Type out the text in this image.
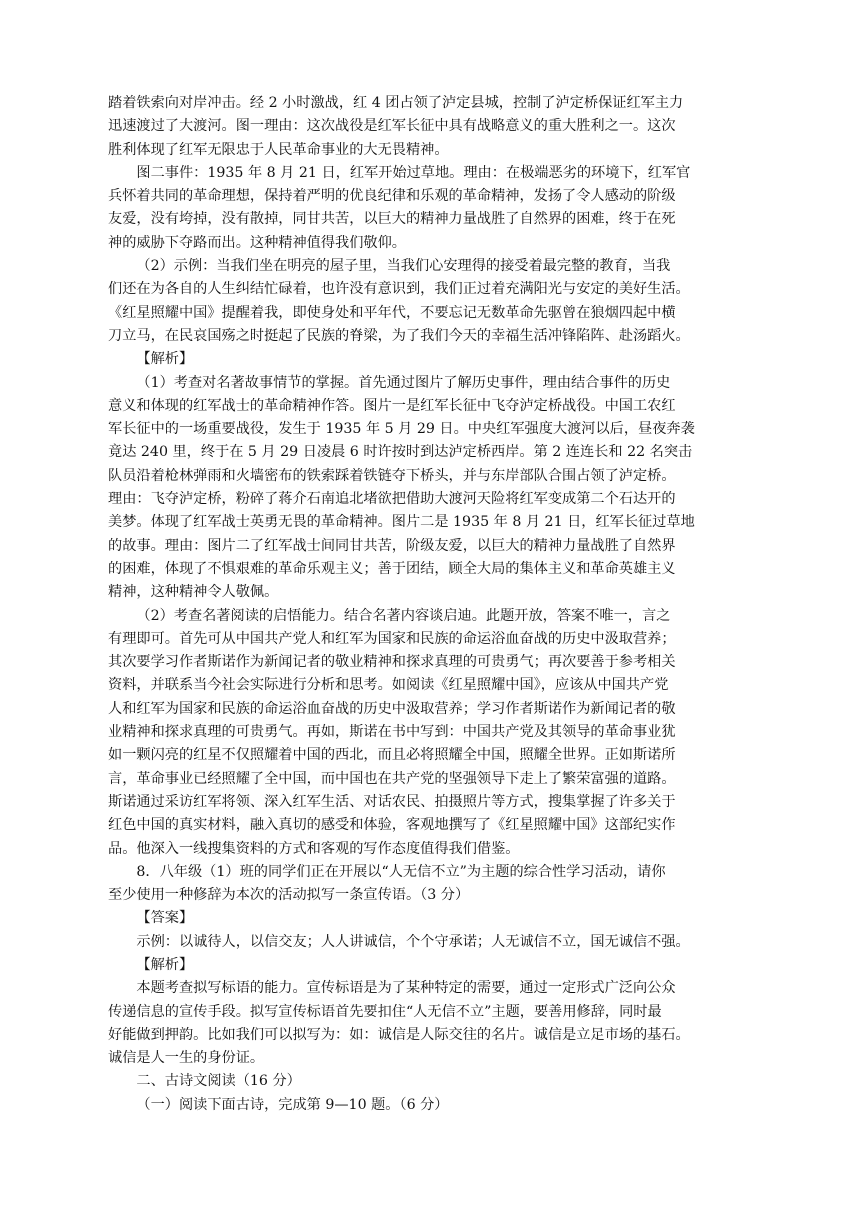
踏着铁索向对岸冲击。经 2 小时激战，红 4 团占领了泸定县城，控制了泸定桥保证红军主力
迅速渡过了大渡河。图一理由：这次战役是红军长征中具有战略意义的重大胜利之一。这次
胜利体现了红军无限忠于人民革命事业的大无畏精神。
图二事件：1935 年 8 月 21 日，红军开始过草地。理由：在极端恶劣的环境下，红军官
兵怀着共同的革命理想，保持着严明的优良纪律和乐观的革命精神，发扬了令人感动的阶级
友爱，没有垮掉，没有散掉，同甘共苦，以巨大的精神力量战胜了自然界的困难，终于在死
神的威胁下夺路而出。这种精神值得我们敬仰。
（2）示例：当我们坐在明亮的屋子里，当我们心安理得的接受着最完整的教育，当我
们还在为各自的人生纠结忙碌着，也许没有意识到，我们正过着充满阳光与安定的美好生活。
《红星照耀中国》提醒着我，即使身处和平年代，不要忘记无数革命先驱曾在狼烟四起中横
刀立马，在民哀国殇之时挺起了民族的脊梁，为了我们今天的幸福生活冲锋陷阵、赴汤蹈火。
【解析】
（1）考查对名著故事情节的掌握。首先通过图片了解历史事件，理由结合事件的历史
意义和体现的红军战士的革命精神作答。图片一是红军长征中飞夺泸定桥战役。中国工农红
军长征中的一场重要战役，发生于 1935 年 5 月 29 日。中央红军强度大渡河以后，昼夜奔袭
竟达 240 里，终于在 5 月 29 日凌晨 6 时许按时到达泸定桥西岸。第 2 连连长和 22 名突击
队员沿着枪林弹雨和火墙密布的铁索踩着铁链夺下桥头，并与东岸部队合围占领了泸定桥。
理由：飞夺泸定桥，粉碎了蒋介石南追北堵欲把借助大渡河天险将红军变成第二个石达开的
美梦。体现了红军战士英勇无畏的革命精神。图片二是 1935 年 8 月 21 日，红军长征过草地
的故事。理由：图片二了红军战士间同甘共苦，阶级友爱，以巨大的精神力量战胜了自然界
的困难，体现了不惧艰难的革命乐观主义；善于团结，顾全大局的集体主义和革命英雄主义
精神，这种精神令人敬佩。
（2）考查名著阅读的启悟能力。结合名著内容谈启迪。此题开放，答案不唯一，言之
有理即可。首先可从中国共产党人和红军为国家和民族的命运浴血奋战的历史中汲取营养；
其次要学习作者斯诺作为新闻记者的敬业精神和探求真理的可贵勇气；再次要善于参考相关
资料，并联系当今社会实际进行分析和思考。如阅读《红星照耀中国》，应该从中国共产党
人和红军为国家和民族的命运浴血奋战的历史中汲取营养；学习作者斯诺作为新闻记者的敬
业精神和探求真理的可贵勇气。再如，斯诺在书中写到：中国共产党及其领导的革命事业犹
如一颗闪亮的红星不仅照耀着中国的西北，而且必将照耀全中国，照耀全世界。正如斯诺所
言，革命事业已经照耀了全中国，而中国也在共产党的坚强领导下走上了繁荣富强的道路。
斯诺通过采访红军将领、深入红军生活、对话农民、拍摄照片等方式，搜集掌握了许多关于
红色中国的真实材料，融入真切的感受和体验，客观地撰写了《红星照耀中国》这部纪实作
品。他深入一线搜集资料的方式和客观的写作态度值得我们借鉴。
8．八年级（1）班的同学们正在开展以“人无信不立”为主题的综合性学习活动，请你
至少使用一种修辞为本次的活动拟写一条宣传语。（3 分）
【答案】
示例：以诚待人，以信交友；人人讲诚信，个个守承诺；人无诚信不立，国无诚信不强。
【解析】
本题考查拟写标语的能力。宣传标语是为了某种特定的需要，通过一定形式广泛向公众
传递信息的宣传手段。拟写宣传标语首先要扣住“人无信不立”主题，要善用修辞，同时最
好能做到押韵。比如我们可以拟写为：如：诚信是人际交往的名片。诚信是立足市场的基石。
诚信是人一生的身份证。
二、古诗文阅读（16 分）
（一）阅读下面古诗，完成第 9—10 题。（6 分）
